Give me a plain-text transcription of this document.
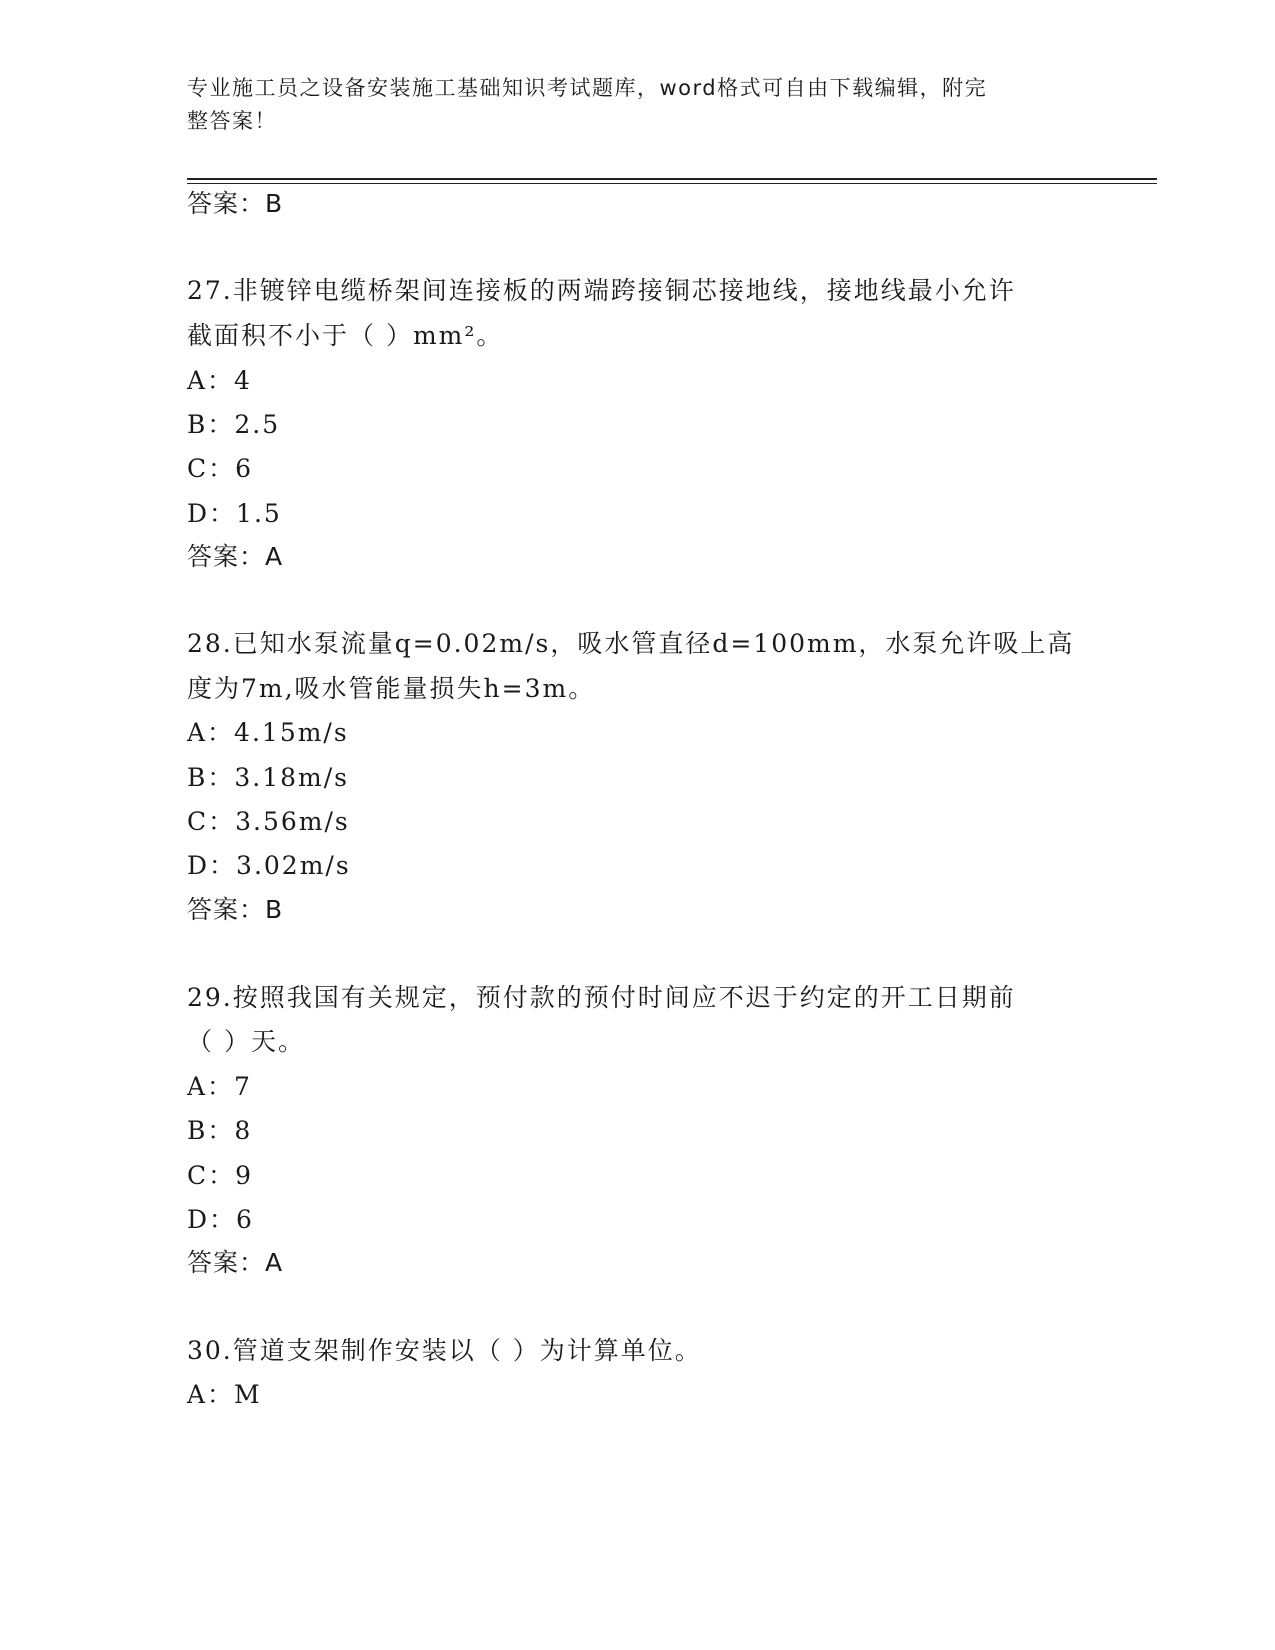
专业施工员之设备安装施工基础知识考试题库，word格式可自由下载编辑，附完
整答案！
答案：B
27.非镀锌电缆桥架间连接板的两端跨接铜芯接地线，接地线最小允许
截面积不小于（ ）mm²。
A：4
B：2.5
C：6
D：1.5
答案：A
28.已知水泵流量q=0.02m/s，吸水管直径d=100mm，水泵允许吸上高
度为7m,吸水管能量损失h=3m。
A：4.15m/s
B：3.18m/s
C：3.56m/s
D：3.02m/s
答案：B
29.按照我国有关规定，预付款的预付时间应不迟于约定的开工日期前
（ ）天。
A：7
B：8
C：9
D：6
答案：A
30.管道支架制作安装以（ ）为计算单位。
A：M
